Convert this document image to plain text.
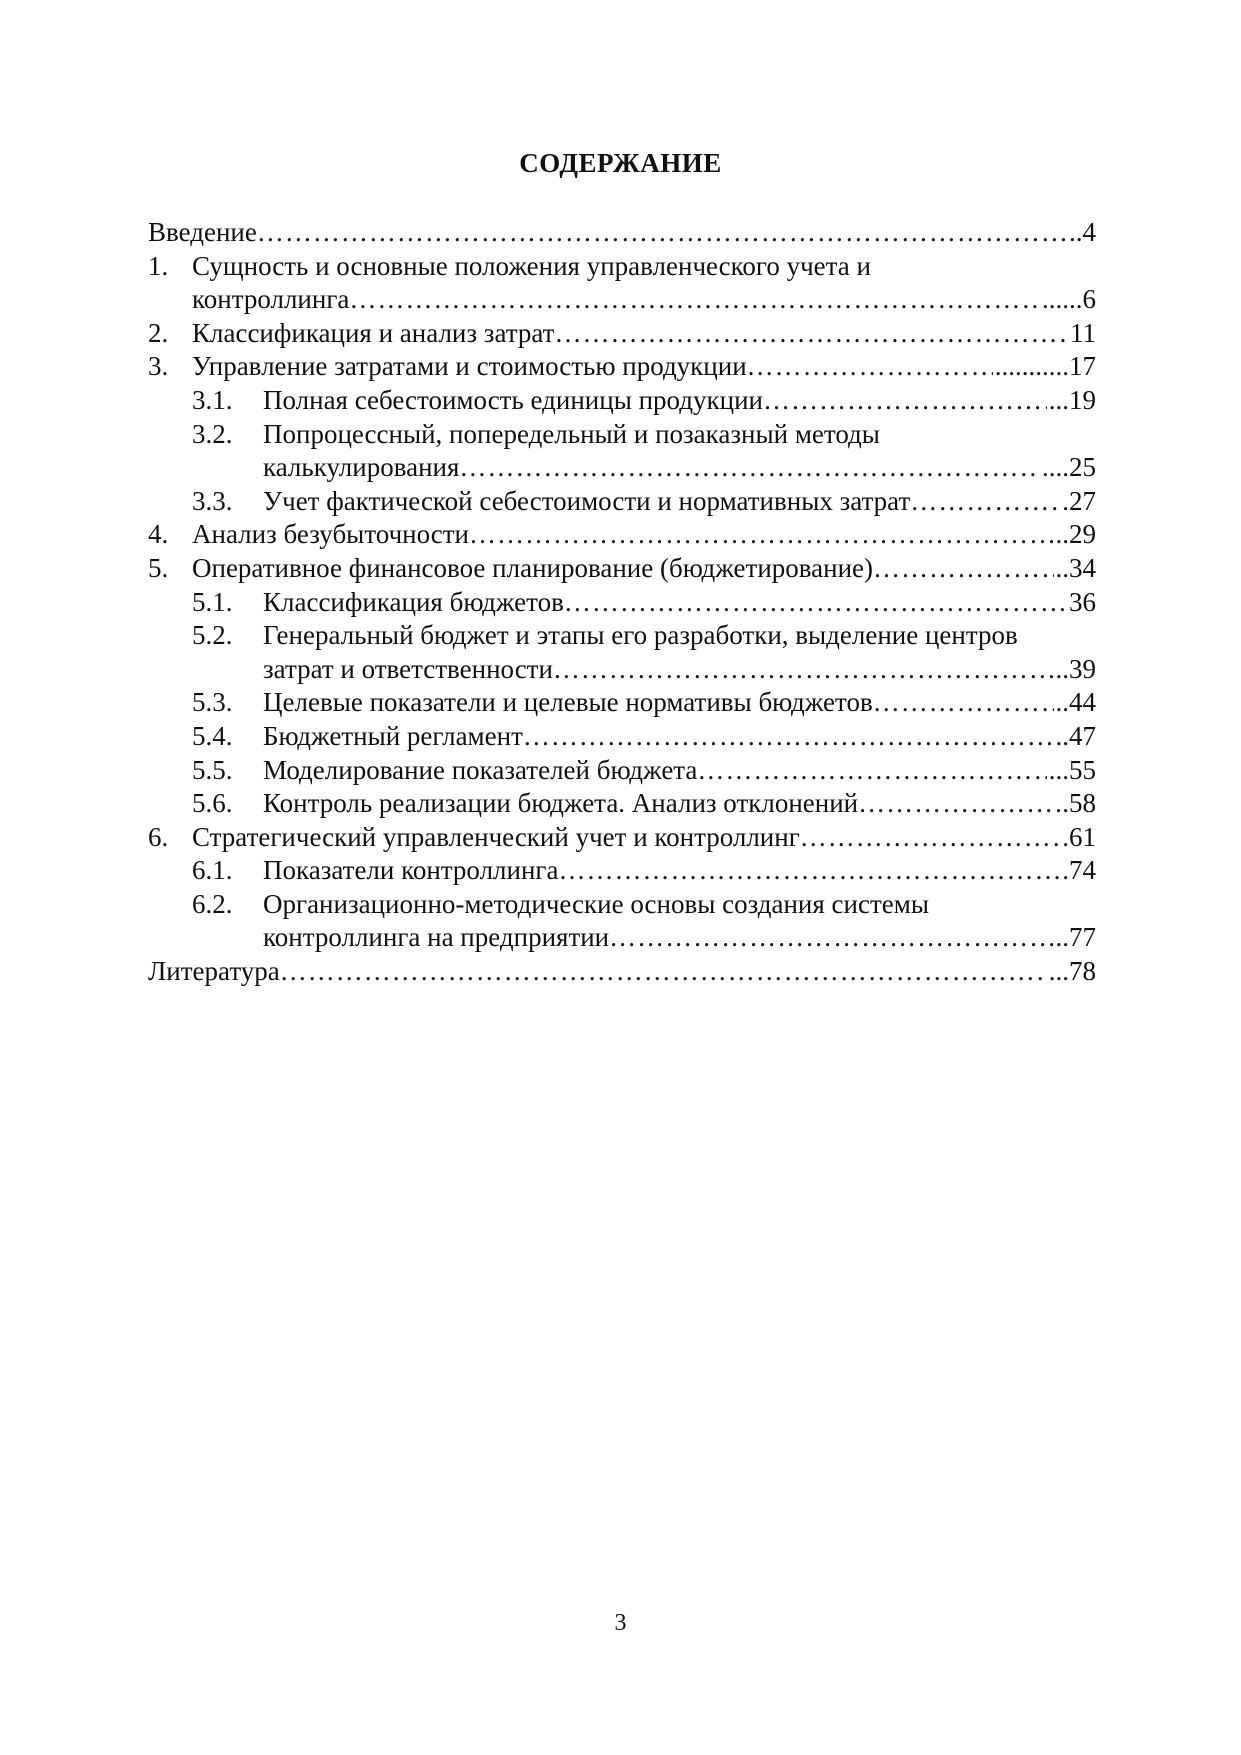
СОДЕРЖАНИЕ
Введение ……………………………………………………………………………………………………………………………………………………………………………………	..4
1. Сущность и основные положения управленческого учета и
контроллинга ……………………………………………………………………………………………………………………………………………………………………………………	......6
2. Классификация и анализ затрат ……………………………………………………………………………………………………………………………………………………………………………………	11
3. Управление затратами и стоимостью продукции ……………………………………………………………………………………………………………………………………………………………………………………	...........17
3.1. Полная себестоимость единицы продукции ……………………………………………………………………………………………………………………………………………………………………………………	...19
3.2. Попроцессный, попередельный и позаказный методы
калькулирования ……………………………………………………………………………………………………………………………………………………………………………………	....25
3.3. Учет фактической себестоимости и нормативных затрат ……………………………………………………………………………………………………………………………………………………………………………………	.27
4. Анализ безубыточности ……………………………………………………………………………………………………………………………………………………………………………………	..29
5. Оперативное финансовое планирование (бюджетирование) ……………………………………………………………………………………………………………………………………………………………………………………	..34
5.1. Классификация бюджетов ……………………………………………………………………………………………………………………………………………………………………………………	36
5.2. Генеральный бюджет и этапы его разработки, выделение центров
затрат и ответственности ……………………………………………………………………………………………………………………………………………………………………………………	..39
5.3. Целевые показатели и целевые нормативы бюджетов ……………………………………………………………………………………………………………………………………………………………………………………	..44
5.4. Бюджетный регламент ……………………………………………………………………………………………………………………………………………………………………………………	..47
5.5. Моделирование показателей бюджета ……………………………………………………………………………………………………………………………………………………………………………………	...55
5.6. Контроль реализации бюджета. Анализ отклонений ……………………………………………………………………………………………………………………………………………………………………………………	.58
6. Стратегический управленческий учет и контроллинг ……………………………………………………………………………………………………………………………………………………………………………………	.61
6.1. Показатели контроллинга ……………………………………………………………………………………………………………………………………………………………………………………	.74
6.2. Организационно-методические основы создания системы
контроллинга на предприятии ……………………………………………………………………………………………………………………………………………………………………………………	..77
Литература ……………………………………………………………………………………………………………………………………………………………………………………	...78
3
